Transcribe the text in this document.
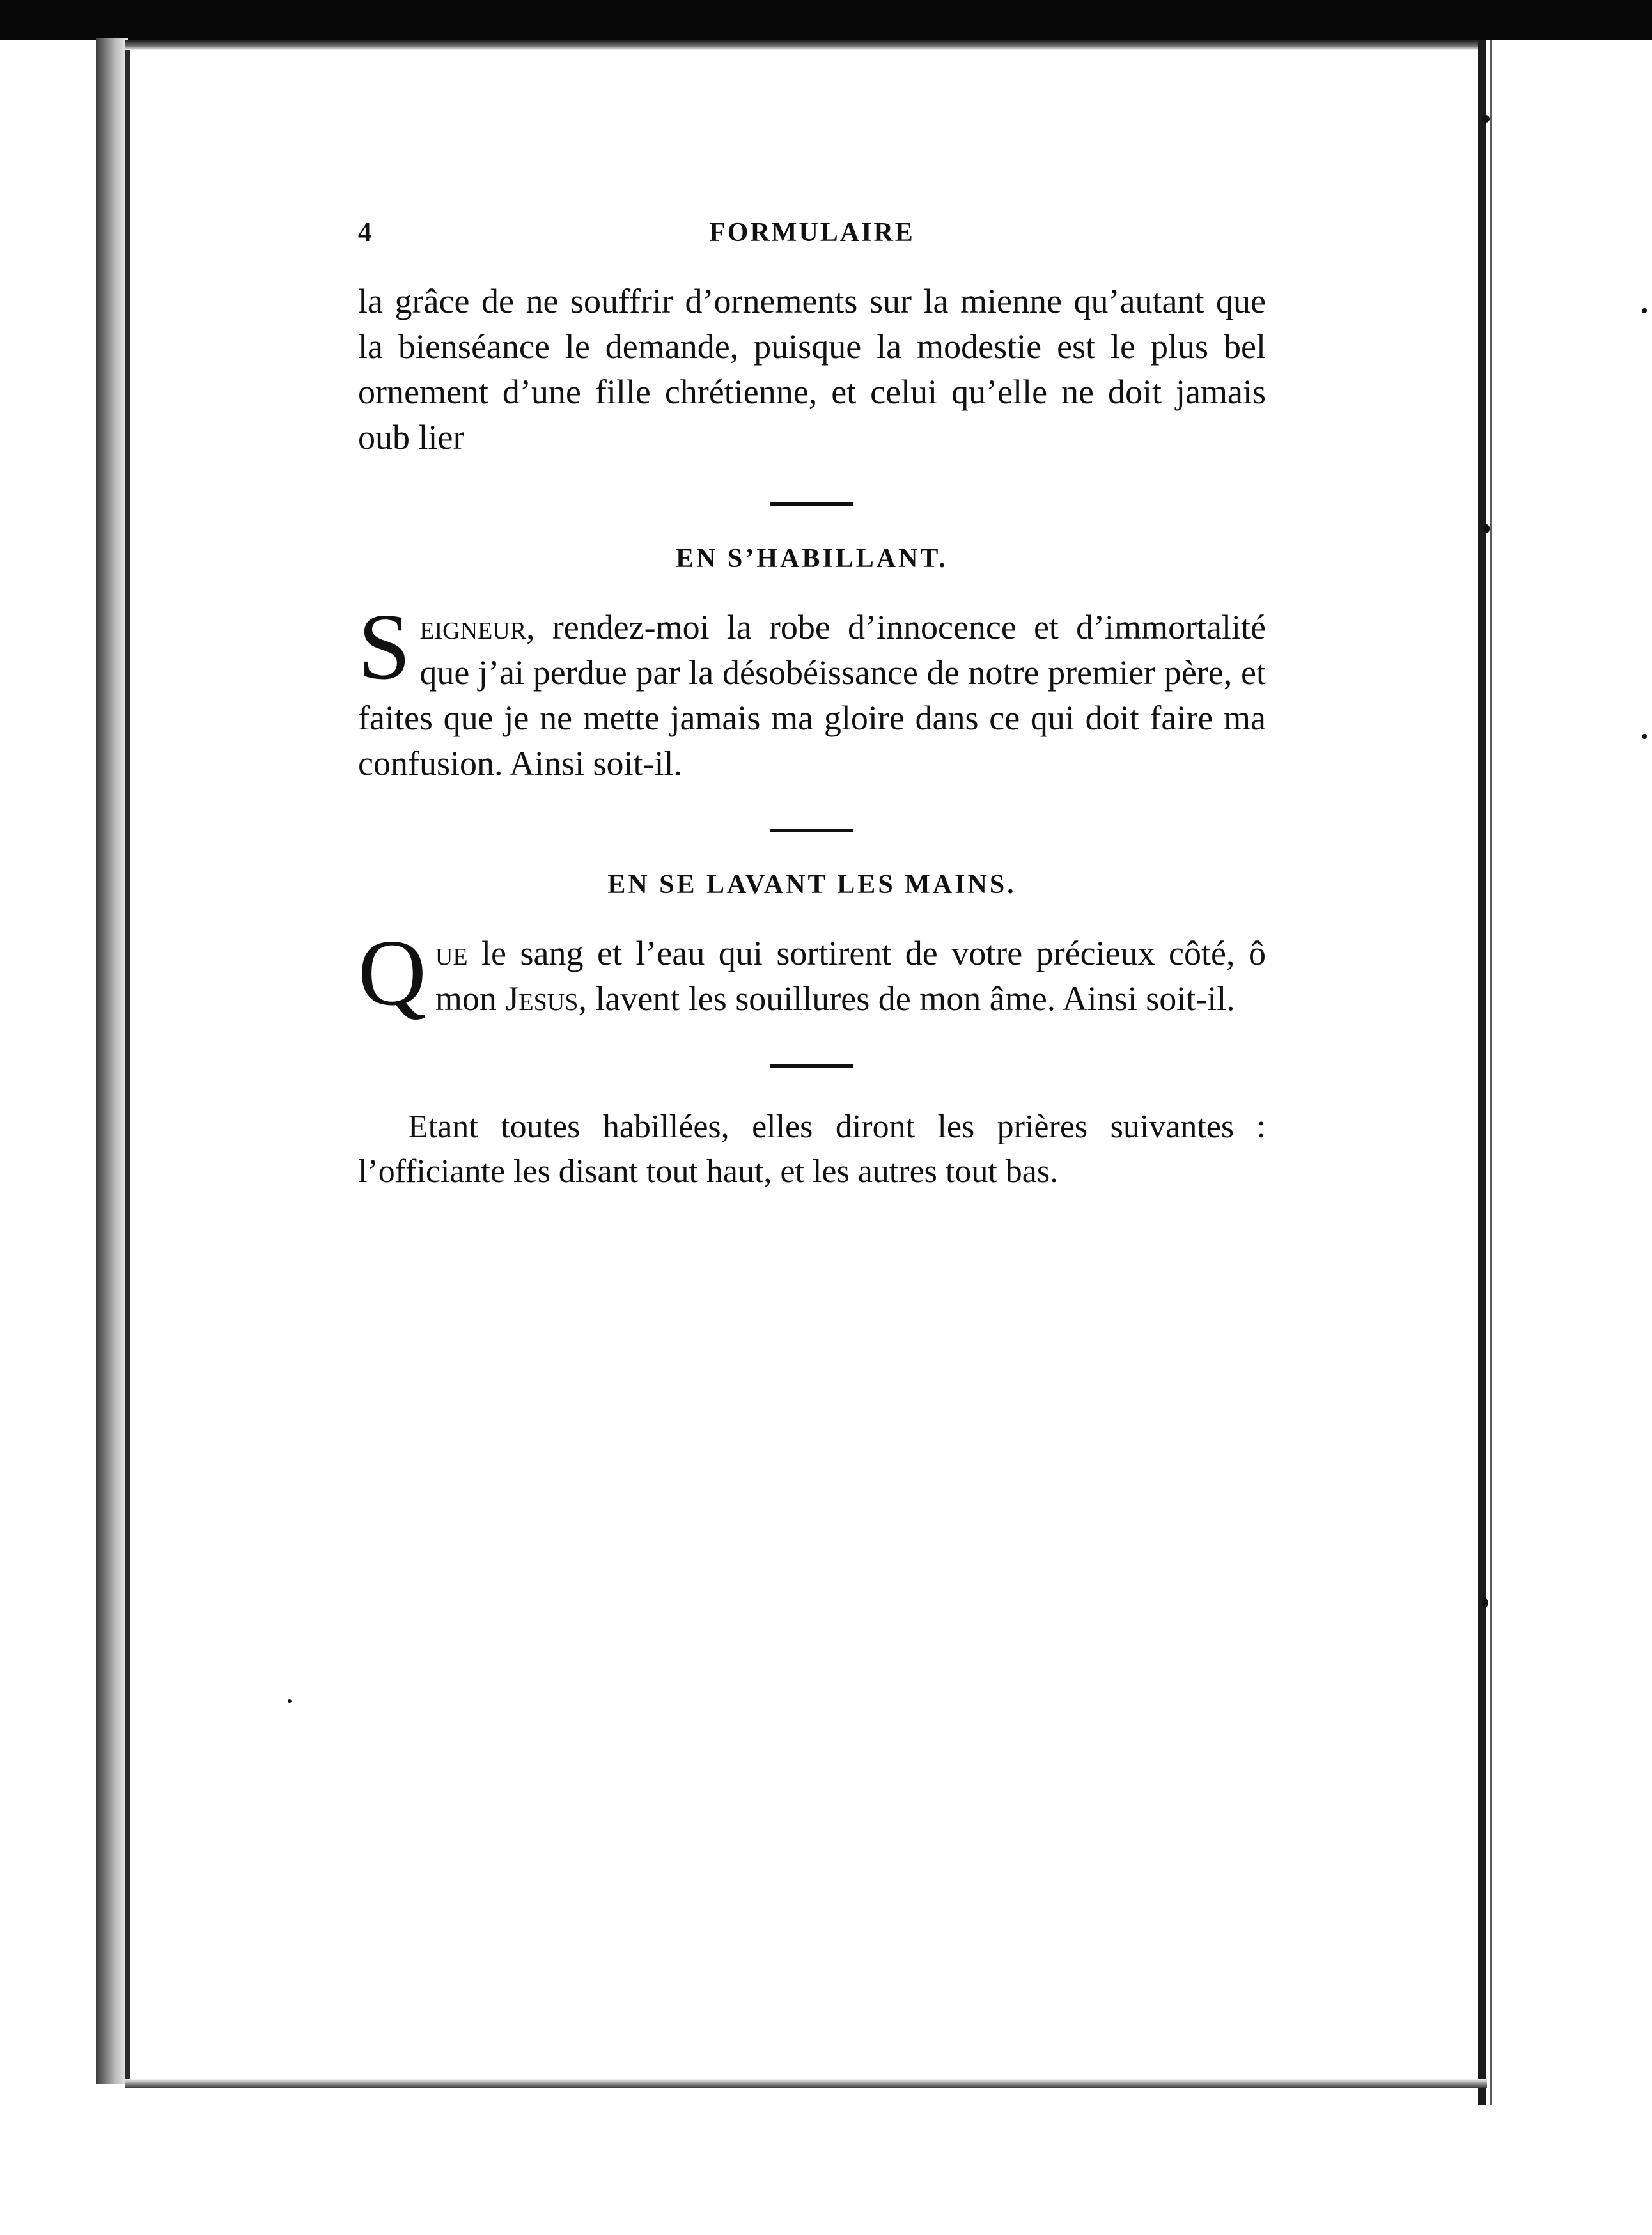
4	FORMULAIRE

la grâce de ne souffrir d’ornements sur la mienne qu’autant que la bienséance le demande, puisque la modestie est le plus bel ornement d’une fille chrétienne, et celui qu’elle ne doit jamais oub lier

EN S’HABILLANT.

Seigneur, rendez-moi la robe d’innocence et d’immortalité que j’ai perdue par la désobéissance de notre premier père, et faites que je ne mette jamais ma gloire dans ce qui doit faire ma confusion. Ainsi soit-il.

EN SE LAVANT LES MAINS.

Que le sang et l’eau qui sortirent de votre précieux côté, ô mon Jesus, lavent les souillures de mon âme. Ainsi soit-il.

Etant toutes habillées, elles diront les prières suivantes : l’officiante les disant tout haut, et les autres tout bas.
